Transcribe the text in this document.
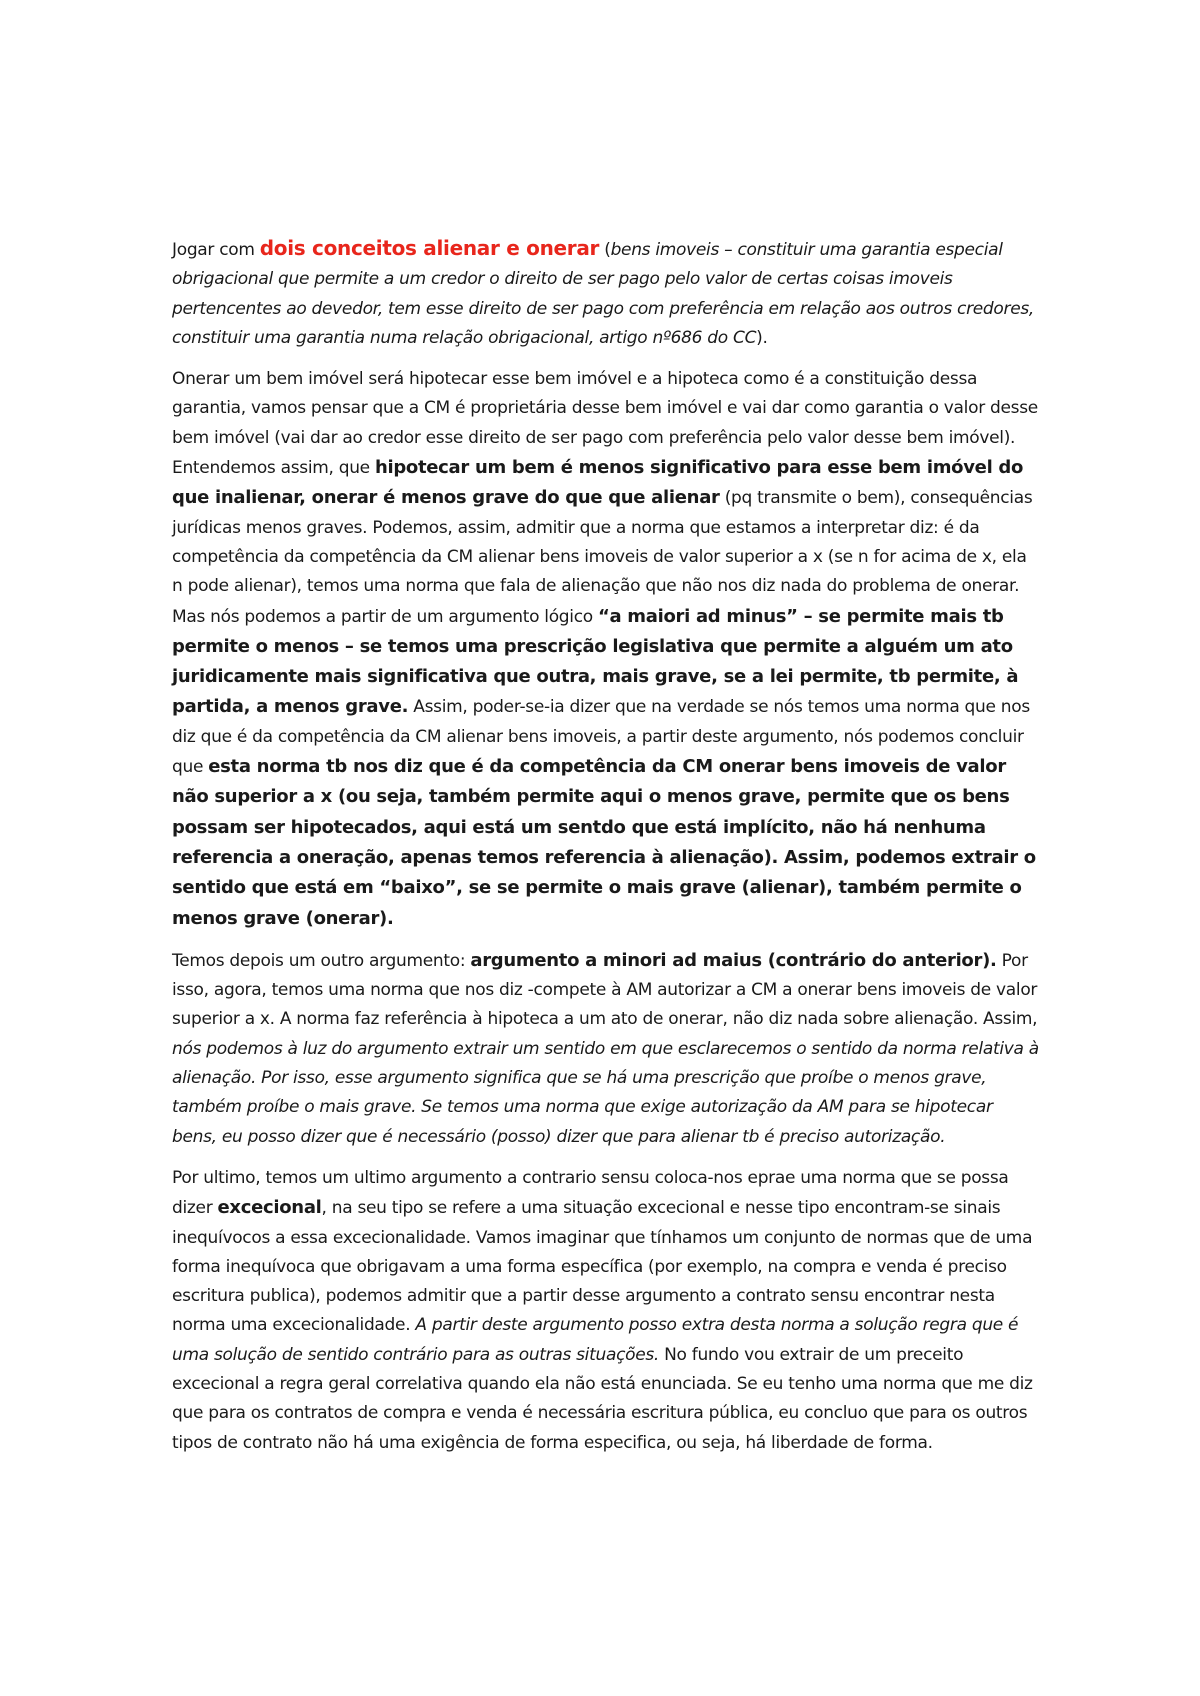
Jogar com dois conceitos alienar e onerar (bens imoveis – constituir uma garantia especial obrigacional que permite a um credor o direito de ser pago pelo valor de certas coisas imoveis pertencentes ao devedor, tem esse direito de ser pago com preferência em relação aos outros credores, constituir uma garantia numa relação obrigacional, artigo nº686 do CC).

Onerar um bem imóvel será hipotecar esse bem imóvel e a hipoteca como é a constituição dessa garantia, vamos pensar que a CM é proprietária desse bem imóvel e vai dar como garantia o valor desse bem imóvel (vai dar ao credor esse direito de ser pago com preferência pelo valor desse bem imóvel). Entendemos assim, que hipotecar um bem é menos significativo para esse bem imóvel do que inalienar, onerar é menos grave do que que alienar (pq transmite o bem), consequências jurídicas menos graves. Podemos, assim, admitir que a norma que estamos a interpretar diz: é da competência da competência da CM alienar bens imoveis de valor superior a x (se n for acima de x, ela n pode alienar), temos uma norma que fala de alienação que não nos diz nada do problema de onerar. Mas nós podemos a partir de um argumento lógico “a maiori ad minus” – se permite mais tb permite o menos – se temos uma prescrição legislativa que permite a alguém um ato juridicamente mais significativa que outra, mais grave, se a lei permite, tb permite, à partida, a menos grave. Assim, poder-se-ia dizer que na verdade se nós temos uma norma que nos diz que é da competência da CM alienar bens imoveis, a partir deste argumento, nós podemos concluir que esta norma tb nos diz que é da competência da CM onerar bens imoveis de valor não superior a x (ou seja, também permite aqui o menos grave, permite que os bens possam ser hipotecados, aqui está um sentdo que está implícito, não há nenhuma referencia a oneração, apenas temos referencia à alienação). Assim, podemos extrair o sentido que está em “baixo”, se se permite o mais grave (alienar), também permite o menos grave (onerar).

Temos depois um outro argumento: argumento a minori ad maius (contrário do anterior). Por isso, agora, temos uma norma que nos diz -compete à AM autorizar a CM a onerar bens imoveis de valor superior a x. A norma faz referência à hipoteca a um ato de onerar, não diz nada sobre alienação. Assim, nós podemos à luz do argumento extrair um sentido em que esclarecemos o sentido da norma relativa à alienação. Por isso, esse argumento significa que se há uma prescrição que proíbe o menos grave, também proíbe o mais grave. Se temos uma norma que exige autorização da AM para se hipotecar bens, eu posso dizer que é necessário (posso) dizer que para alienar tb é preciso autorização.

Por ultimo, temos um ultimo argumento a contrario sensu coloca-nos eprae uma norma que se possa dizer excecional, na seu tipo se refere a uma situação excecional e nesse tipo encontram-se sinais inequívocos a essa excecionalidade. Vamos imaginar que tínhamos um conjunto de normas que de uma forma inequívoca que obrigavam a uma forma específica (por exemplo, na compra e venda é preciso escritura publica), podemos admitir que a partir desse argumento a contrato sensu encontrar nesta norma uma excecionalidade. A partir deste argumento posso extra desta norma a solução regra que é uma solução de sentido contrário para as outras situações. No fundo vou extrair de um preceito excecional a regra geral correlativa quando ela não está enunciada. Se eu tenho uma norma que me diz que para os contratos de compra e venda é necessária escritura pública, eu concluo que para os outros tipos de contrato não há uma exigência de forma especifica, ou seja, há liberdade de forma.
